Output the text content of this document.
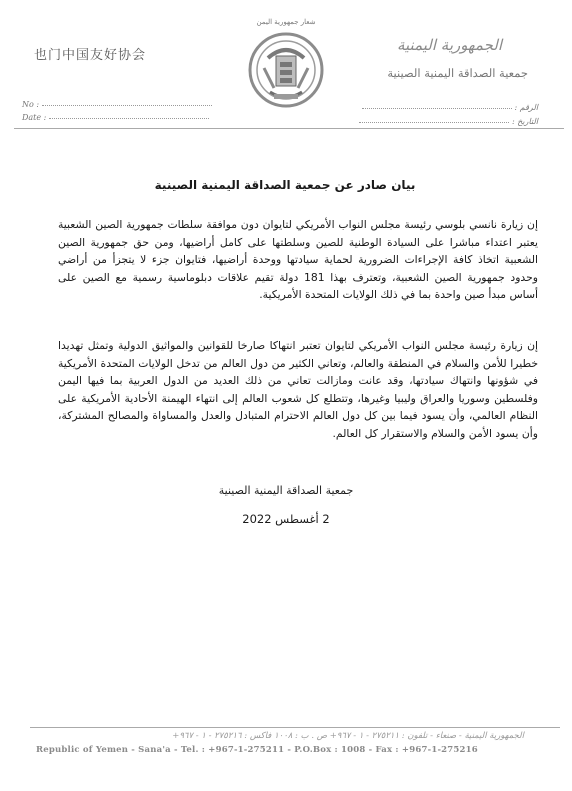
شعار جمهورية اليمن
也门中国友好协会
الجمهورية اليمنية
جمعية الصداقة اليمنية الصينية
No :
Date :
الرقم :
التاريخ :
بيان صادر عن جمعية الصداقة اليمنية الصينية
إن زيارة نانسي بلوسي رئيسة مجلس النواب الأمريكي لتايوان دون موافقة سلطات جمهورية الصين الشعبية يعتبر اعتداء مباشرا على السيادة الوطنية للصين وسلطتها على كامل أراضيها، ومن حق جمهورية الصين الشعبية اتخاذ كافة الإجراءات الضرورية لحماية سيادتها ووحدة أراضيها، فتايوان جزء لا يتجزأ من أراضي وحدود جمهورية الصين الشعبية، وتعترف بهذا 181 دولة تقيم علاقات دبلوماسية رسمية مع الصين على أساس مبدأ صين واحدة بما في ذلك الولايات المتحدة الأمريكية.
إن زيارة رئيسة مجلس النواب الأمريكي لتايوان تعتبر انتهاكا صارخا للقوانين والمواثيق الدولية وتمثل تهديدا خطيرا للأمن والسلام في المنطقة والعالم، وتعاني الكثير من دول العالم من تدخل الولايات المتحدة الأمريكية في شؤونها وانتهاك سيادتها، وقد عانت ومازالت تعاني من ذلك العديد من الدول العربية بما فيها اليمن وفلسطين وسوريا والعراق وليبيا وغيرها، وتتطلع كل شعوب العالم إلى انتهاء الهيمنة الأحادية الأمريكية على النظام العالمي، وأن يسود فيما بين كل دول العالم الاحترام المتبادل والعدل والمساواة والمصالح المشتركة، وأن يسود الأمن والسلام والاستقرار كل العالم.
جمعية الصداقة اليمنية الصينية
2 أغسطس 2022
الجمهورية اليمنية - صنعاء - تلفون : ٢٧٥٢١١ - ١ - ٩٦٧+ ص . ب : ١٠٠٨ فاكس : ٢٧٥٢١٦ - ١ - ٩٦٧+
Republic of Yemen - Sana'a - Tel. : +967-1-275211 - P.O.Box : 1008 - Fax : +967-1-275216
